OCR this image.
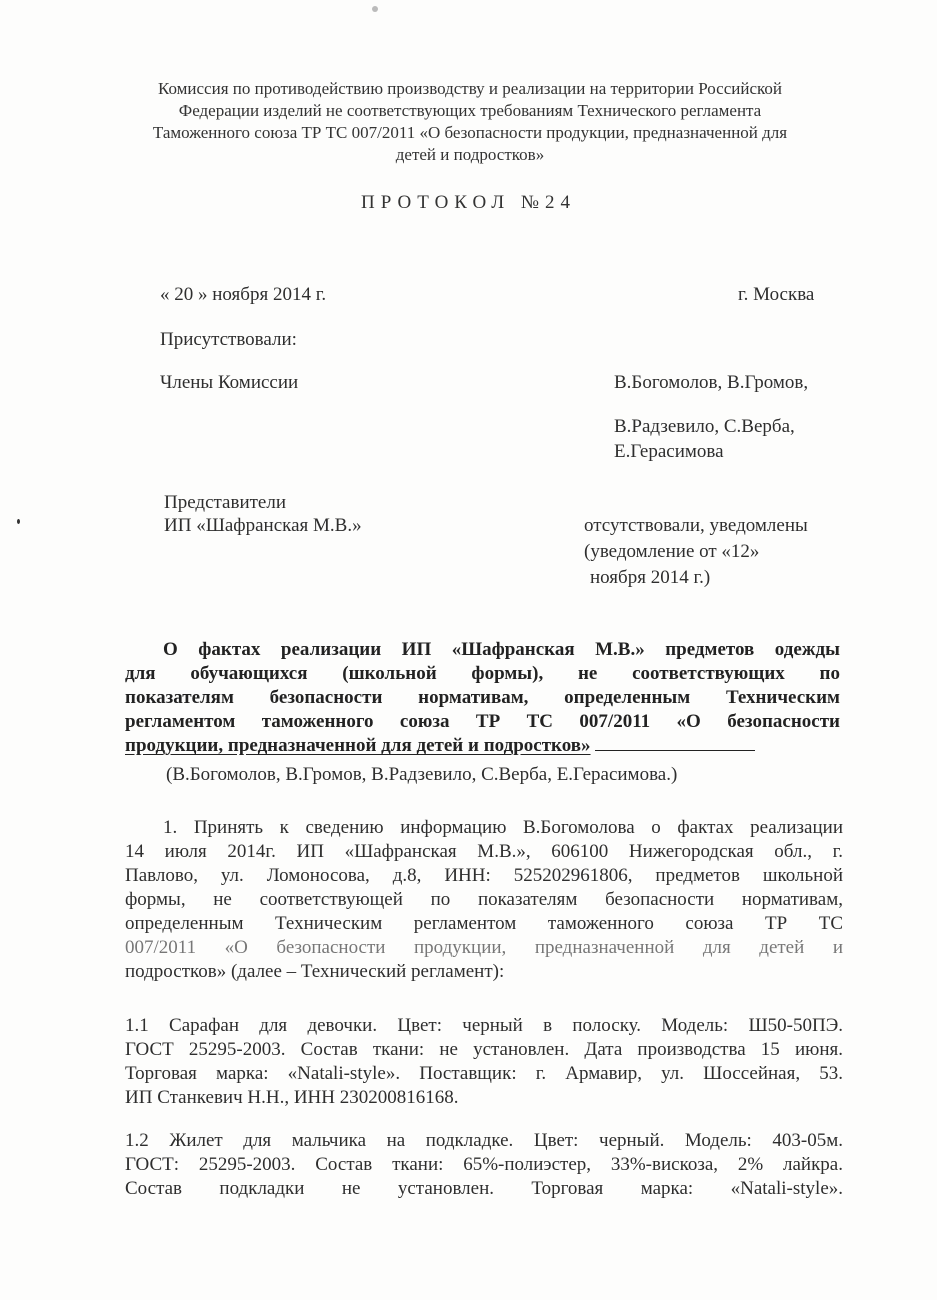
Комиссия по противодействию производству и реализации на территории Российской
Федерации изделий не соответствующих требованиям Технического регламента
Таможенного союза ТР ТС 007/2011 «О безопасности продукции, предназначенной для
детей и подростков»
ПРОТОКОЛ №24
« 20 » ноября 2014 г.	г. Москва
Присутствовали:
Члены Комиссии	В.Богомолов, В.Громов,
В.Радзевило, С.Верба,
Е.Герасимова
Представители
ИП «Шафранская М.В.»	отсутствовали, уведомлены
(уведомление от «12»
ноября 2014 г.)
О фактах реализации ИП «Шафранская М.В.» предметов одежды
для обучающихся (школьной формы), не соответствующих по
показателям безопасности нормативам, определенным Техническим
регламентом таможенного союза ТР ТС 007/2011 «О безопасности
продукции, предназначенной для детей и подростков»
(В.Богомолов, В.Громов, В.Радзевило, С.Верба, Е.Герасимова.)
1. Принять к сведению информацию В.Богомолова о фактах реализации
14 июля 2014г. ИП «Шафранская М.В.», 606100 Нижегородская обл., г.
Павлово, ул. Ломоносова, д.8, ИНН: 525202961806, предметов школьной
формы, не соответствующей по показателям безопасности нормативам,
определенным Техническим регламентом таможенного союза ТР ТС
007/2011 «О безопасности продукции, предназначенной для детей и
подростков» (далее – Технический регламент):
1.1 Сарафан для девочки. Цвет: черный в полоску. Модель: Ш50-50ПЭ.
ГОСТ 25295-2003. Состав ткани: не установлен. Дата производства 15 июня.
Торговая марка: «Natali-style». Поставщик: г. Армавир, ул. Шоссейная, 53.
ИП Станкевич Н.Н., ИНН 230200816168.
1.2 Жилет для мальчика на подкладке. Цвет: черный. Модель: 403-05м.
ГОСТ: 25295-2003. Состав ткани: 65%-полиэстер, 33%-вискоза, 2% лайкра.
Состав подкладки не установлен. Торговая марка: «Natali-style».
